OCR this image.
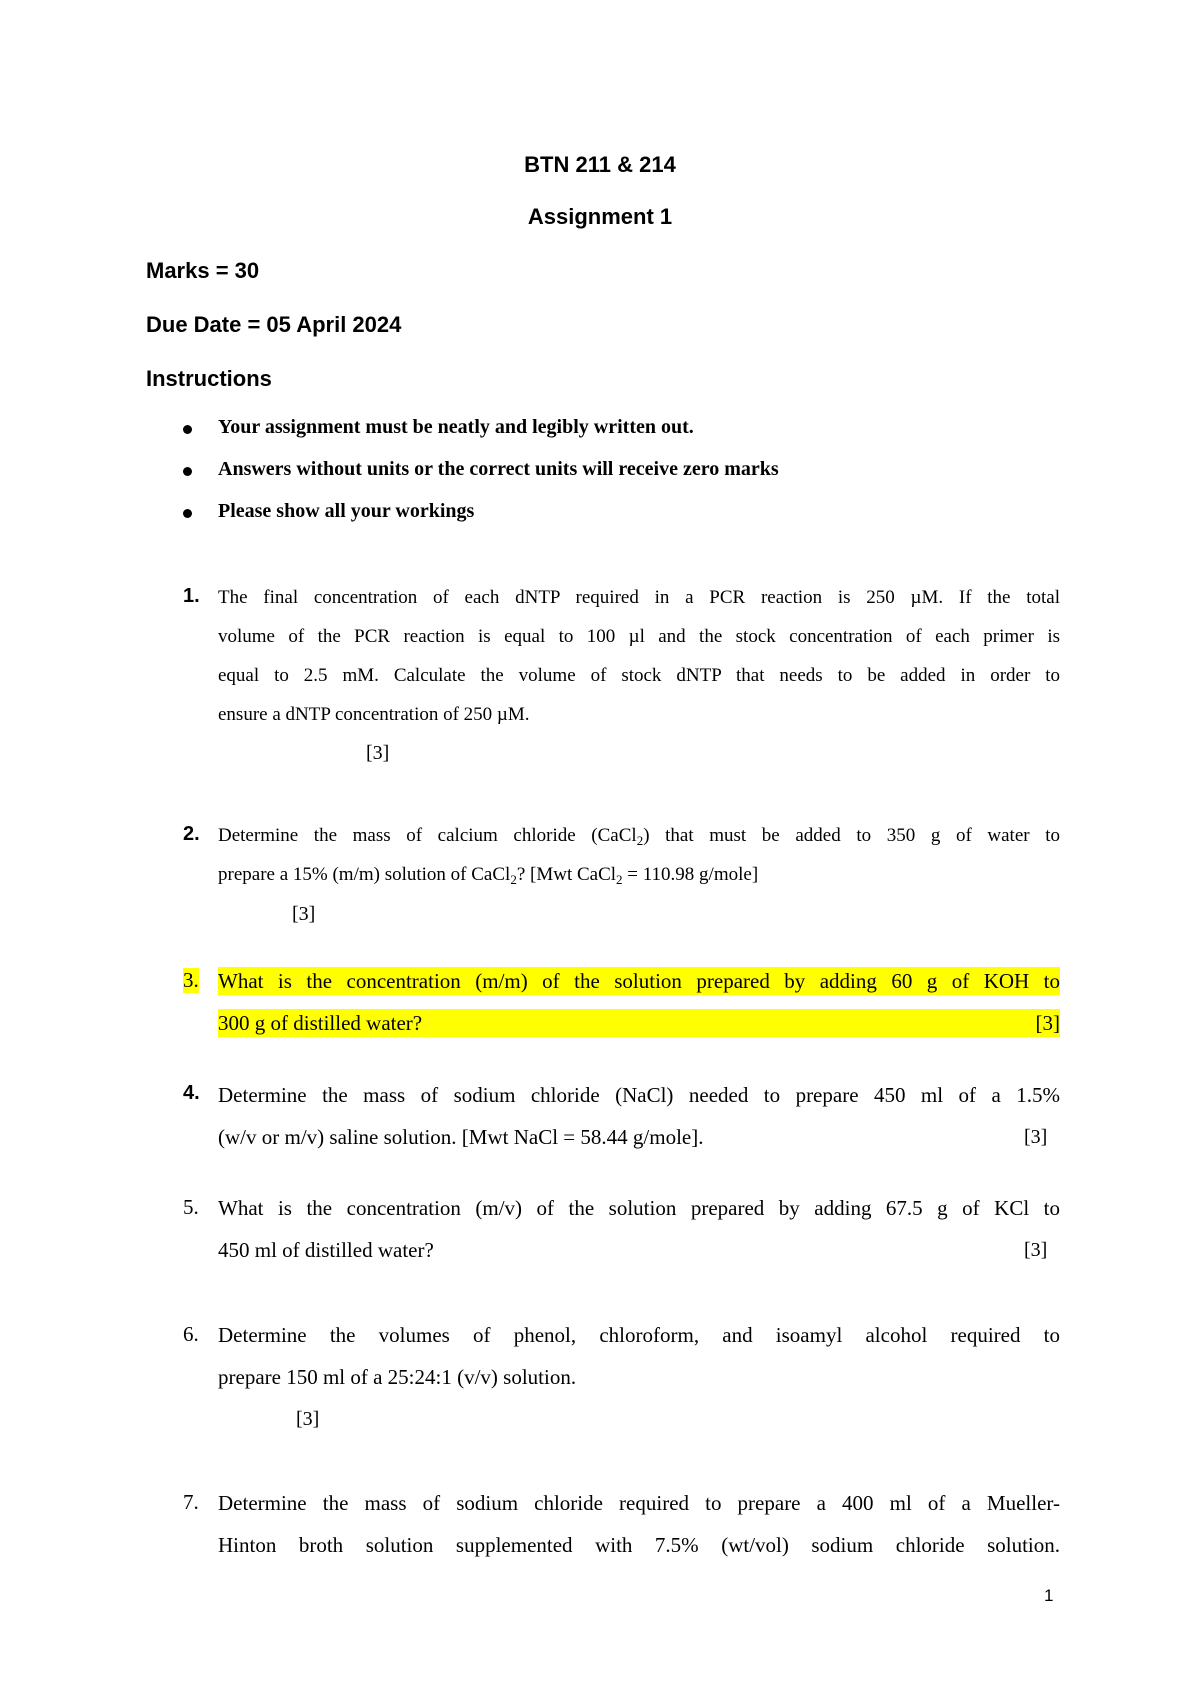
BTN 211 & 214
Assignment 1
Marks = 30
Due Date = 05 April 2024
Instructions
Your assignment must be neatly and legibly written out.
Answers without units or the correct units will receive zero marks
Please show all your workings
1. The final concentration of each dNTP required in a PCR reaction is 250 µM. If the total
volume of the PCR reaction is equal to 100 µl and the stock concentration of each primer is
equal to 2.5 mM. Calculate the volume of stock dNTP that needs to be added in order to
ensure a dNTP concentration of 250 µM.
[3]
2. Determine the mass of calcium chloride (CaCl$_2$) that must be added to 350 g of water to
prepare a 15% (m/m) solution of CaCl$_2$? [Mwt CaCl$_2$ = 110.98 g/mole]
[3]
3. What is the concentration (m/m) of the solution prepared by adding 60 g of KOH to
300 g of distilled water?	[3]
4. Determine the mass of sodium chloride (NaCl) needed to prepare 450 ml of a 1.5%
(w/v or m/v) saline solution. [Mwt NaCl = 58.44 g/mole].	[3]
5. What is the concentration (m/v) of the solution prepared by adding 67.5 g of KCl to
450 ml of distilled water?	[3]
6. Determine the volumes of phenol, chloroform, and isoamyl alcohol required to
prepare 150 ml of a 25:24:1 (v/v) solution.
[3]
7. Determine the mass of sodium chloride required to prepare a 400 ml of a Mueller-
Hinton broth solution supplemented with 7.5% (wt/vol) sodium chloride solution.
1
